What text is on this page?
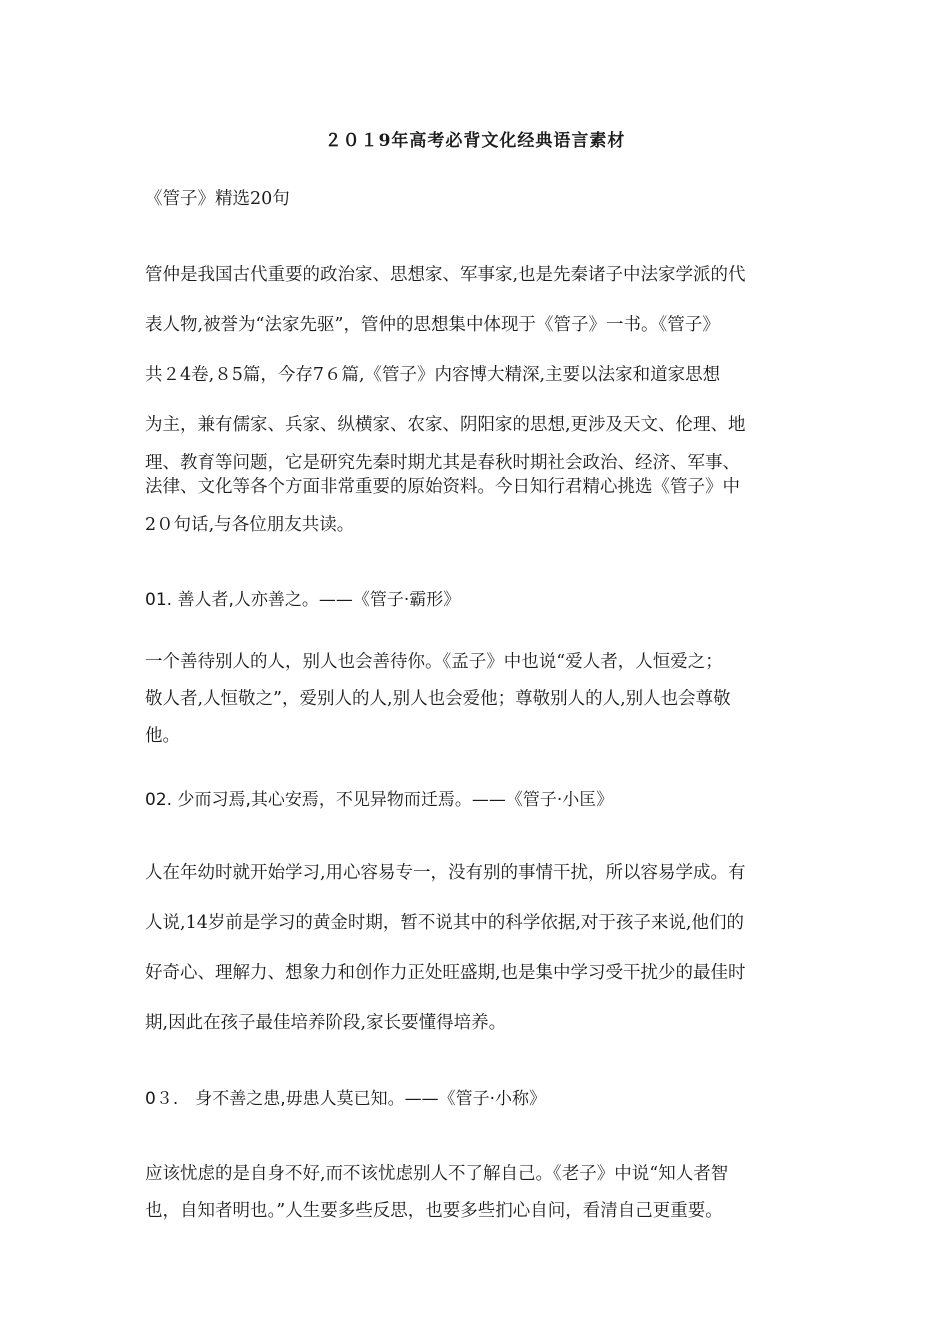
２０１9年高考必背文化经典语言素材

《管子》精选20句

管仲是我国古代重要的政治家、思想家、军事家,也是先秦诸子中法家学派的代

表人物,被誉为“法家先驱”，管仲的思想集中体现于《管子》一书。《管子》

共２4卷,８5篇，今存7６篇,《管子》内容博大精深,主要以法家和道家思想

为主，兼有儒家、兵家、纵横家、农家、阴阳家的思想,更涉及天文、伦理、地

理、教育等问题，它是研究先秦时期尤其是春秋时期社会政治、经济、军事、

法律、文化等各个方面非常重要的原始资料。今日知行君精心挑选《管子》中

2０句话,与各位朋友共读。

01. 善人者,人亦善之。——《管子·霸形》

一个善待别人的人，别人也会善待你。《孟子》中也说“爱人者，人恒爱之；

敬人者,人恒敬之”，爱别人的人,别人也会爱他；尊敬别人的人,别人也会尊敬

他。

02. 少而习焉,其心安焉，不见异物而迁焉。——《管子·小匡》

人在年幼时就开始学习,用心容易专一，没有别的事情干扰，所以容易学成。有

人说,14岁前是学习的黄金时期，暂不说其中的科学依据,对于孩子来说,他们的

好奇心、理解力、想象力和创作力正处旺盛期,也是集中学习受干扰少的最佳时

期,因此在孩子最佳培养阶段,家长要懂得培养。

0３.　身不善之患,毋患人莫已知。——《管子·小称》

应该忧虑的是自身不好,而不该忧虑别人不了解自己。《老子》中说“知人者智

也，自知者明也。”人生要多些反思，也要多些扪心自问，看清自己更重要。
